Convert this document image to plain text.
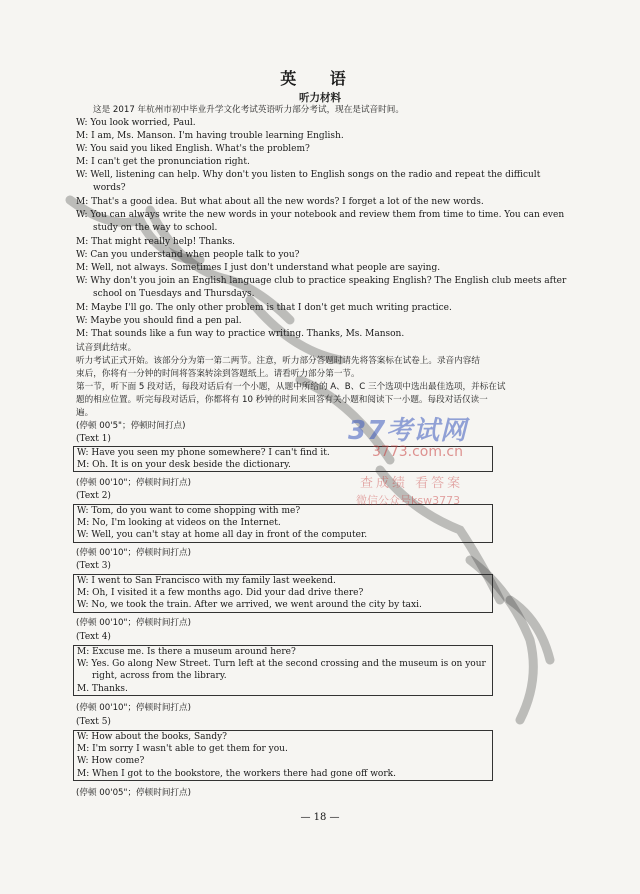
英 语
听力材料
这是 2017 年杭州市初中毕业升学文化考试英语听力部分考试，现在是试音时间。
W: You look worried, Paul.
M: I am, Ms. Manson. I'm having trouble learning English.
W: You said you liked English. What's the problem?
M: I can't get the pronunciation right.
W: Well, listening can help. Why don't you listen to English songs on the radio and repeat the difficult
words?
M: That's a good idea. But what about all the new words? I forget a lot of the new words.
W: You can always write the new words in your notebook and review them from time to time. You can even
study on the way to school.
M: That might really help! Thanks.
W: Can you understand when people talk to you?
M: Well, not always. Sometimes I just don't understand what people are saying.
W: Why don't you join an English language club to practice speaking English? The English club meets after
school on Tuesdays and Thursdays.
M: Maybe I'll go. The only other problem is that I don't get much writing practice.
W: Maybe you should find a pen pal.
M: That sounds like a fun way to practice writing. Thanks, Ms. Manson.
试音到此结束。
听力考试正式开始。该部分分为第一第二两节。注意，听力部分答题时请先将答案标在试卷上。录音内容结
束后，你将有一分钟的时间将答案转涂到答题纸上。请看听力部分第一节。
第一节，听下面 5 段对话，每段对话后有一个小题，从题中所给的 A、B、C 三个选项中选出最佳选项，并标在试
题的相应位置。听完每段对话后，你都将有 10 秒钟的时间来回答有关小题和阅读下一小题。每段对话仅读一
遍。
(停顿 00'5"；停顿时间打点)
(Text 1)
W: Have you seen my phone somewhere? I can't find it.
M: Oh. It is on your desk beside the dictionary.
(停顿 00'10"；停顿时间打点)
(Text 2)
W: Tom, do you want to come shopping with me?
M: No, I'm looking at videos on the Internet.
W: Well, you can't stay at home all day in front of the computer.
(停顿 00'10"；停顿时间打点)
(Text 3)
W: I went to San Francisco with my family last weekend.
M: Oh, I visited it a few months ago. Did your dad drive there?
W: No, we took the train. After we arrived, we went around the city by taxi.
(停顿 00'10"；停顿时间打点)
(Text 4)
M: Excuse me. Is there a museum around here?
W: Yes. Go along New Street. Turn left at the second crossing and the museum is on your
right, across from the library.
M. Thanks.
(停顿 00'10"；停顿时间打点)
(Text 5)
W: How about the books, Sandy?
M: I'm sorry I wasn't able to get them for you.
W: How come?
M: When I got to the bookstore, the workers there had gone off work.
(停顿 00'05"；停顿时间打点)
— 18 —
37考试网
3773.com.cn
查成绩 看答案
微信公众号ksw3773
